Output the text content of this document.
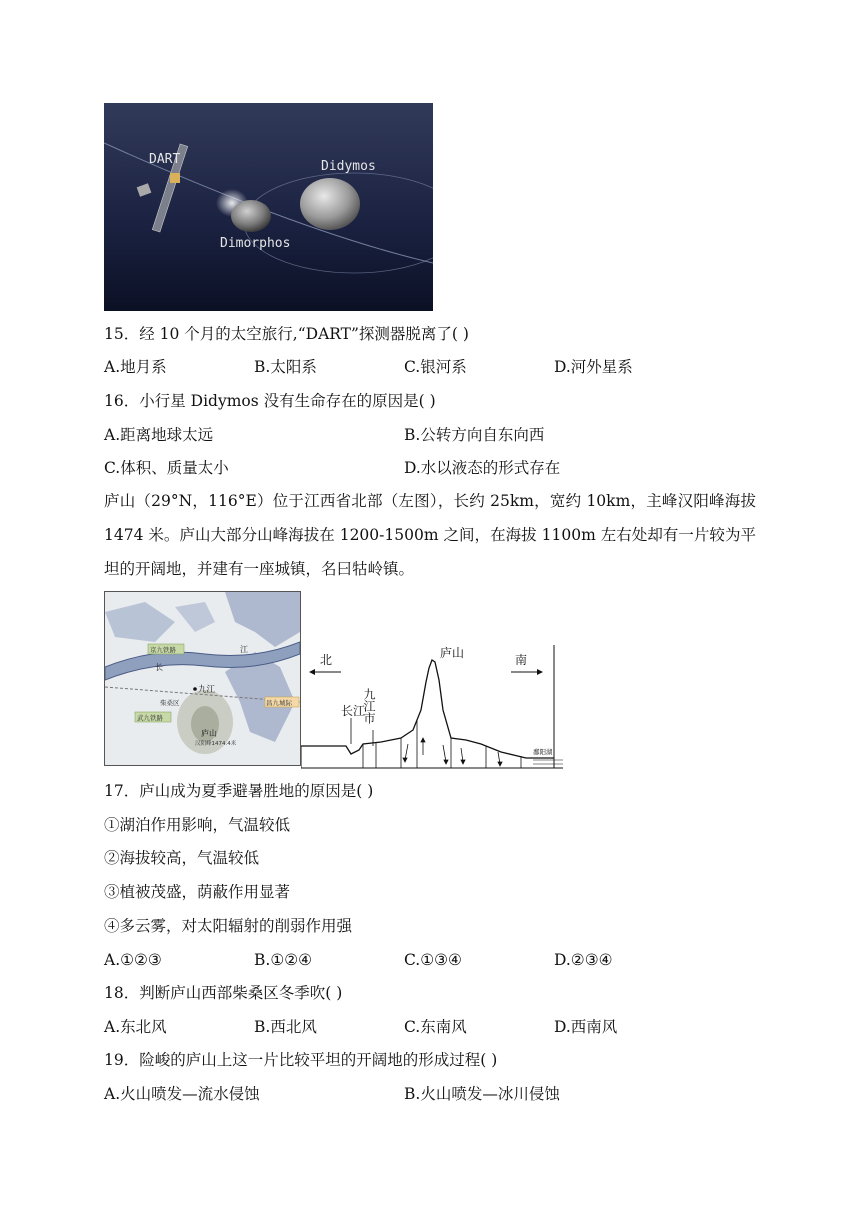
DART	Didymos
Dimorphos
15．经 10 个月的太空旅行,“DART”探测器脱离了( )
A.地月系	B.太阳系	C.银河系	D.河外星系
16．小行星 Didymos 没有生命存在的原因是( )
A.距离地球太远	B.公转方向自东向西
C.体积、质量太小	D.水以液态的形式存在
庐山（29°N，116°E）位于江西省北部（左图），长约 25km，宽约 10km，主峰汉阳峰海拔 1474 米。庐山大部分山峰海拔在 1200-1500m 之间，在海拔 1100m 左右处却有一片较为平坦的开阔地，并建有一座城镇，名曰牯岭镇。
京九铁路
武九铁路
昌九城际
长
江
九江
柴桑区
庐山
汉阳峰1474.4米
北	南
庐山
九江市
长江
鄱阳湖
17．庐山成为夏季避暑胜地的原因是( )
①湖泊作用影响，气温较低
②海拔较高，气温较低
③植被茂盛，荫蔽作用显著
④多云雾，对太阳辐射的削弱作用强
A.①②③	B.①②④	C.①③④	D.②③④
18．判断庐山西部柴桑区冬季吹( )
A.东北风	B.西北风	C.东南风	D.西南风
19．险峻的庐山上这一片比较平坦的开阔地的形成过程( )
A.火山喷发—流水侵蚀	B.火山喷发—冰川侵蚀
